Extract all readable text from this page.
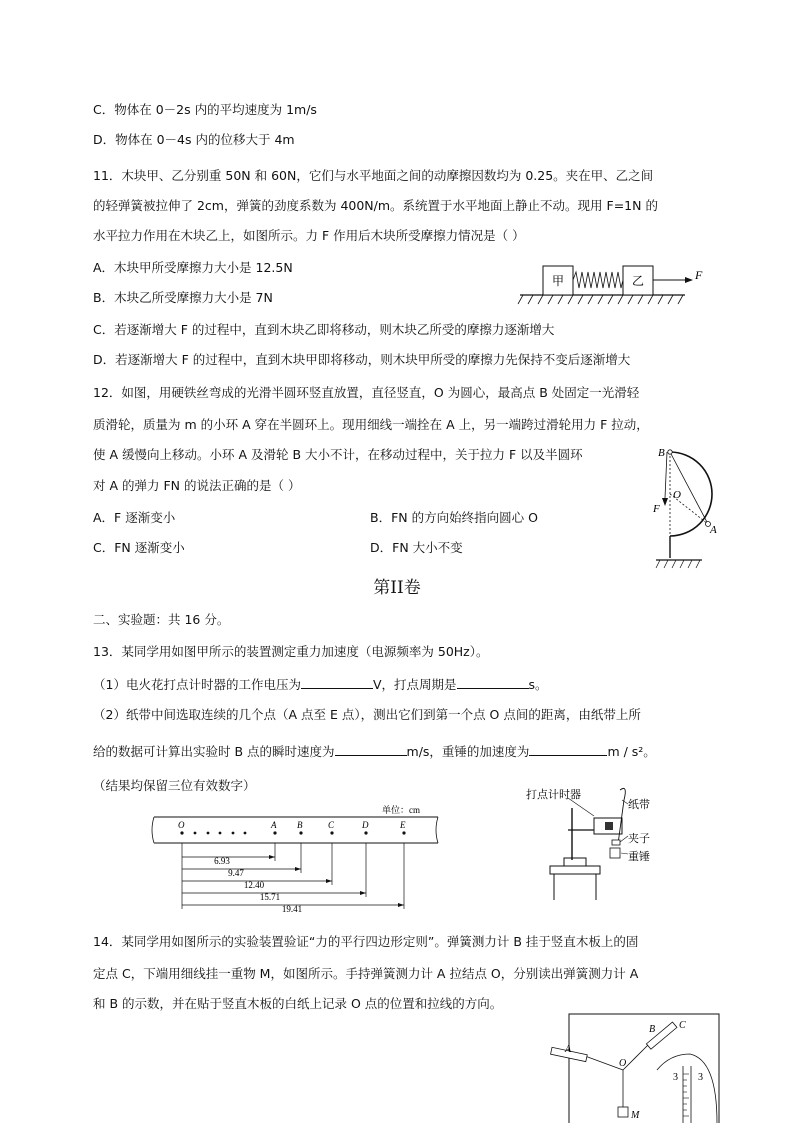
C．物体在 0－2s 内的平均速度为 1m/s
D．物体在 0－4s 内的位移大于 4m
11．木块甲、乙分别重 50N 和 60N，它们与水平地面之间的动摩擦因数均为 0.25。夹在甲、乙之间
的轻弹簧被拉伸了 2cm，弹簧的劲度系数为 400N/m。系统置于水平地面上静止不动。现用 F=1N 的
水平拉力作用在木块乙上，如图所示。力 F 作用后木块所受摩擦力情况是（ ）
A．木块甲所受摩擦力大小是 12.5N
B．木块乙所受摩擦力大小是 7N
C．若逐渐增大 F 的过程中，直到木块乙即将移动，则木块乙所受的摩擦力逐渐增大
D．若逐渐增大 F 的过程中，直到木块甲即将移动，则木块甲所受的摩擦力先保持不变后逐渐增大
甲	乙	F
12．如图，用硬铁丝弯成的光滑半圆环竖直放置，直径竖直，O 为圆心，最高点 B 处固定一光滑轻
质滑轮，质量为 m 的小环 A 穿在半圆环上。现用细线一端拴在 A 上，另一端跨过滑轮用力 F 拉动，
使 A 缓慢向上移动。小环 A 及滑轮 B 大小不计，在移动过程中，关于拉力 F 以及半圆环
对 A 的弹力 FN 的说法正确的是（ ）
A．F 逐渐变小	B．FN 的方向始终指向圆心 O
C．FN 逐渐变小	D．FN 大小不变
B
O
F
A
第II卷
二、实验题：共 16 分。
13．某同学用如图甲所示的装置测定重力加速度（电源频率为 50Hz）。
（1）电火花打点计时器的工作电压为	V，打点周期是	s。
（2）纸带中间选取连续的几个点（A 点至 E 点），测出它们到第一个点 O 点间的距离，由纸带上所
给的数据可计算出实验时 B 点的瞬时速度为	m/s，重锤的加速度为	m / s²。
（结果均保留三位有效数字）
单位：cm
O	A B	C	D	E
6.93
9.47
12.40
15.71
19.41
打点计时器
纸带
夹子
重锤
14．某同学用如图所示的实验装置验证“力的平行四边形定则”。弹簧测力计 B 挂于竖直木板上的固
定点 C，下端用细线挂一重物 M，如图所示。手持弹簧测力计 A 拉结点 O，分别读出弹簧测力计 A
和 B 的示数，并在贴于竖直木板的白纸上记录 O 点的位置和拉线的方向。
A
B C
O
M
3 3
